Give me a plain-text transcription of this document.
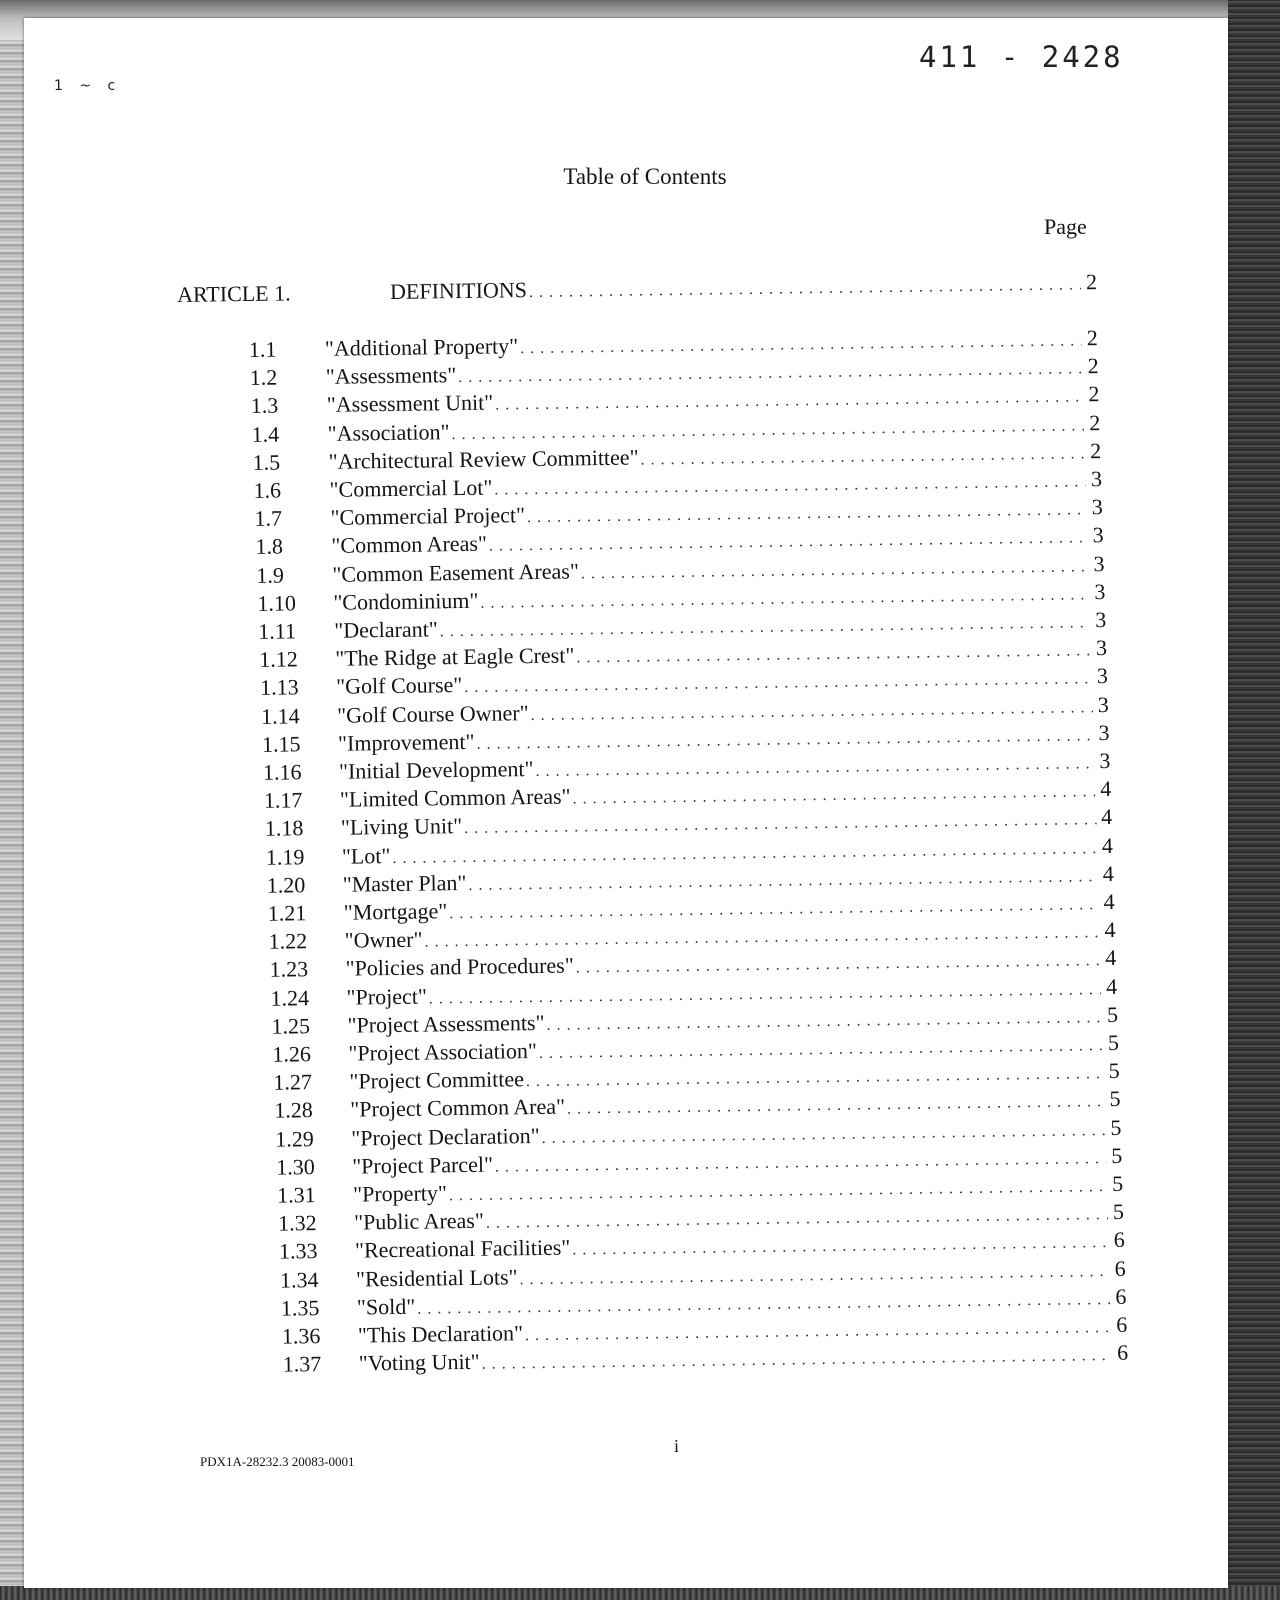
411 - 2428
1 ~ c
Table of Contents
Page
ARTICLE 1.	DEFINITIONS . . .	2
1.1	"Additional Property" . . .	2
1.2	"Assessments" . . .	2
1.3	"Assessment Unit" . . .	2
1.4	"Association" . . .	2
1.5	"Architectural Review Committee" . . .	2
1.6	"Commercial Lot" . . .	3
1.7	"Commercial Project" . . .	3
1.8	"Common Areas" . . .	3
1.9	"Common Easement Areas" . . .	3
1.10	"Condominium" . . .	3
1.11	"Declarant" . . .	3
1.12	"The Ridge at Eagle Crest" . . .	3
1.13	"Golf Course" . . .	3
1.14	"Golf Course Owner" . . .	3
1.15	"Improvement" . . .	3
1.16	"Initial Development" . . .	3
1.17	"Limited Common Areas" . . .	4
1.18	"Living Unit" . . .	4
1.19	"Lot" . . .	4
1.20	"Master Plan" . . .	4
1.21	"Mortgage" . . .	4
1.22	"Owner" . . .	4
1.23	"Policies and Procedures" . . .	4
1.24	"Project" . . .	4
1.25	"Project Assessments" . . .	5
1.26	"Project Association" . . .	5
1.27	"Project Committee . . .	5
1.28	"Project Common Area" . . .	5
1.29	"Project Declaration" . . .	5
1.30	"Project Parcel" . . .	5
1.31	"Property" . . .	5
1.32	"Public Areas" . . .	5
1.33	"Recreational Facilities" . . .	6
1.34	"Residential Lots" . . .	6
1.35	"Sold" . . .	6
1.36	"This Declaration" . . .	6
1.37	"Voting Unit" . . .	6
i
PDX1A-28232.3 20083-0001
